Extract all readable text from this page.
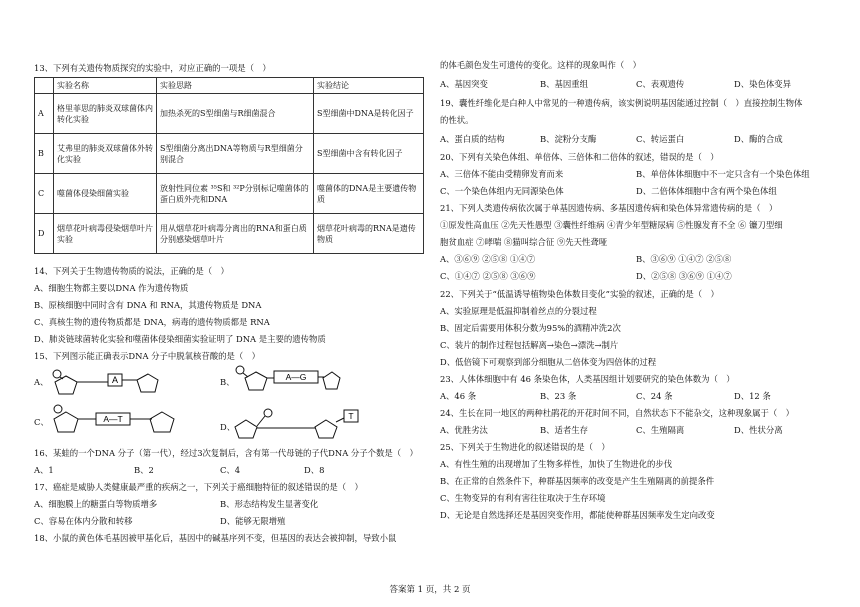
13、下列有关遗传物质探究的实验中，对应正确的一项是（　）
	实验名称	实验思路	实验结论
A	格里菲思的肺炎双球菌体内转化实验	加热杀死的S型细菌与R细菌混合	S型细菌中DNA是转化因子
B	艾弗里的肺炎双球菌体外转化实验	S型细菌分离出DNA等物质与R型细菌分别混合	S型细菌中含有转化因子
C	噬菌体侵染细菌实验	放射性同位素 ³⁵S和 ³²P分别标记噬菌体的蛋白质外壳和DNA	噬菌体的DNA是主要遗传物质
D	烟草花叶病毒侵染烟草叶片实验	用从烟草花叶病毒分离出的RNA和蛋白质分别感染烟草叶片	烟草花叶病毒的RNA是遗传物质
14、下列关于生物遗传物质的说法，正确的是（　）
A、细胞生物都主要以DNA 作为遗传物质
B、原核细胞中同时含有 DNA 和 RNA，其遗传物质是 DNA
C、真核生物的遗传物质都是 DNA，病毒的遗传物质都是 RNA
D、肺炎链球菌转化实验和噬菌体侵染细菌实验证明了 DNA 是主要的遗传物质
15、下列图示能正确表示DNA 分子中脱氧核苷酸的是（　）
A、	A	B、	A—G
C、	A—T
D、
T
16、某蛙的一个DNA 分子（第一代），经过3次复制后，含有第一代母链的子代DNA 分子个数是（　）
A、1	B、2	C、4	D、8
17、癌症是威胁人类健康最严重的疾病之一，下列关于癌细胞特征的叙述错误的是（　）
A、细胞膜上的糖蛋白等物质增多	B、形态结构发生显著变化
C、容易在体内分散和转移	D、能够无限增殖
18、小鼠的黄色体毛基因被甲基化后，基因中的碱基序列不变，但基因的表达会被抑制，导致小鼠
的体毛颜色发生可遗传的变化。这样的现象叫作（　）
A、基因突变	B、基因重组	C、表观遗传	D、染色体变异
19、囊性纤维化是白种人中常见的一种遗传病，该实例说明基因能通过控制（　）直接控制生物体
的性状。
A、蛋白质的结构	B、淀粉分支酶	C、转运蛋白	D、酶的合成
20、下列有关染色体组、单倍体、三倍体和二倍体的叙述，错误的是（　）
A、三倍体不能由受精卵发育而来	B、单倍体体细胞中不一定只含有一个染色体组
C、一个染色体组内无同源染色体	D、二倍体体细胞中含有两个染色体组
21、下列人类遗传病依次属于单基因遗传病、多基因遗传病和染色体异常遗传病的是（　）
①原发性高血压 ②先天性愚型 ③囊性纤维病 ④青少年型糖尿病 ⑤性腺发育不全 ⑥ 镰刀型细
胞贫血症 ⑦哮喘 ⑧猫叫综合征 ⑨先天性聋哑
A、③⑥⑨ ②⑤⑧ ①④⑦	B、③⑥⑨ ①④⑦ ②⑤⑧
C、①④⑦ ②⑤⑧ ③⑥⑨	D、②⑤⑧ ③⑥⑨ ①④⑦
22、下列关于“低温诱导植物染色体数目变化”实验的叙述，正确的是（　）
A、实验原理是低温抑制着丝点的分裂过程
B、固定后需要用体积分数为95%的酒精冲洗2次
C、装片的制作过程包括解离→染色→漂洗→制片
D、低倍镜下可观察到部分细胞从二倍体变为四倍体的过程
23、人体体细胞中有 46 条染色体，人类基因组计划要研究的染色体数为（　）
A、46 条	B、23 条	C、24 条	D、12 条
24、生长在同一地区的两种杜鹃花的开花时间不同，自然状态下不能杂交，这种现象属于（　）
A、优胜劣汰	B、适者生存	C、生殖隔离	D、性状分离
25、下列关于生物进化的叙述错误的是（　）
A、有性生殖的出现增加了生物多样性，加快了生物进化的步伐
B、在正常的自然条件下，种群基因频率的改变是产生生殖隔离的前提条件
C、生物变异的有利有害往往取决于生存环境
D、无论是自然选择还是基因突变作用，都能使种群基因频率发生定向改变
答案第 1 页，共 2 页
